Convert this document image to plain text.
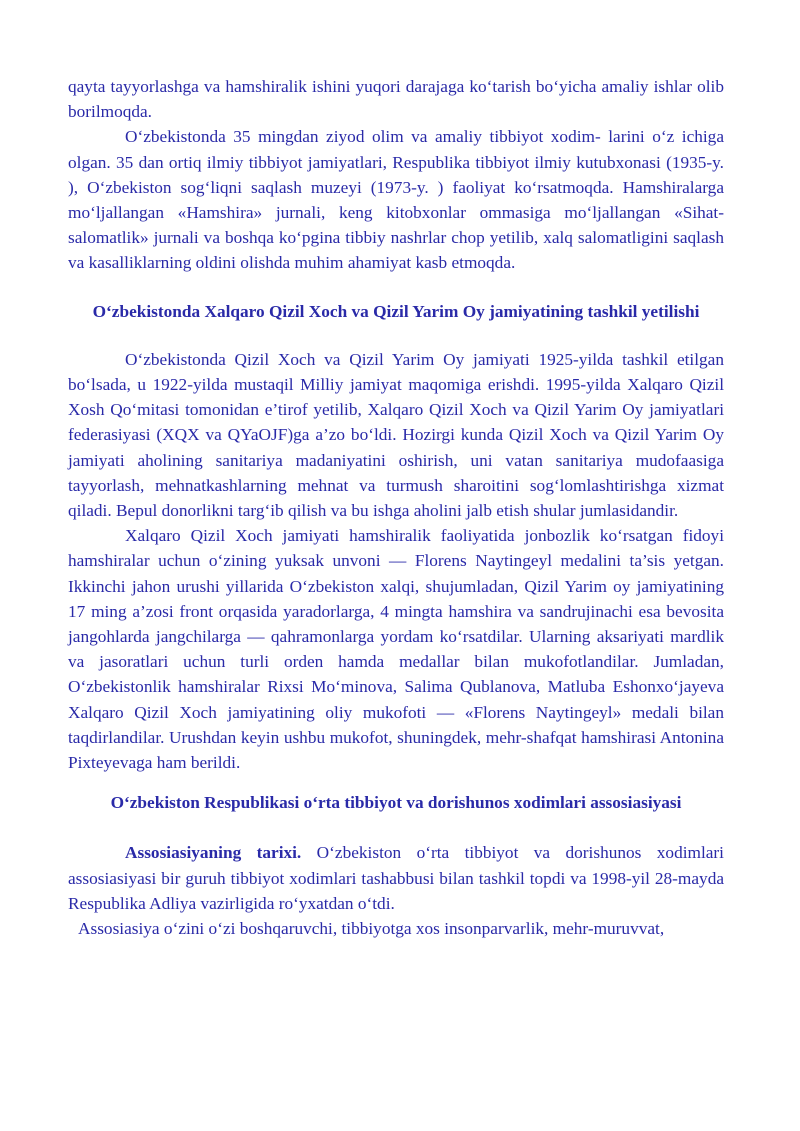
qayta tayyorlashga va hamshiralik ishini yuqori darajaga ko‘tarish bo‘yicha amaliy ishlar olib borilmoqda.

O‘zbekistonda 35 mingdan ziyod olim va amaliy tibbiyot xodim- larini o‘z ichiga olgan. 35 dan ortiq ilmiy tibbiyot jamiyatlari, Respublika tibbiyot ilmiy kutubxonasi (1935-y. ), O‘zbekiston sog‘liqni saqlash muzeyi (1973-y. ) faoliyat ko‘rsatmoqda. Hamshiralarga mo‘ljallangan «Hamshira» jurnali, keng kitobxonlar ommasiga mo‘ljallangan «Sihat- salomatlik» jurnali va boshqa ko‘pgina tibbiy nashrlar chop yetilib, xalq salomatligini saqlash va kasalliklarning oldini olishda muhim ahamiyat kasb etmoqda.

O‘zbekistonda Xalqaro Qizil Xoch va Qizil Yarim Oy jamiyatining tashkil yetilishi

O‘zbekistonda Qizil Xoch va Qizil Yarim Oy jamiyati 1925-yilda tashkil etilgan bo‘lsada, u 1922-yilda mustaqil Milliy jamiyat maqomiga erishdi. 1995-yilda Xalqaro Qizil Xosh Qo‘mitasi tomonidan e’tirof yetilib, Xalqaro Qizil Xoch va Qizil Yarim Oy jamiyatlari federasiyasi (XQX va QYaOJF)ga a’zo bo‘ldi. Hozirgi kunda Qizil Xoch va Qizil Yarim Oy jamiyati aholining sanitariya madaniyatini oshirish, uni vatan sanitariya mudofaasiga tayyorlash, mehnatkashlarning mehnat va turmush sharoitini sog‘lomlashtirishga xizmat qiladi. Bepul donorlikni targ‘ib qilish va bu ishga aholini jalb etish shular jumlasidandir.

Xalqaro Qizil Xoch jamiyati hamshiralik faoliyatida jonbozlik ko‘rsatgan fidoyi hamshiralar uchun o‘zining yuksak unvoni — Florens Naytingeyl medalini ta’sis yetgan. Ikkinchi jahon urushi yillarida O‘zbekiston xalqi, shujumladan, Qizil Yarim oy jamiyatining 17 ming a’zosi front orqasida yaradorlarga, 4 mingta hamshira va sandrujinachi esa bevosita jangohlarda jangchilarga — qahramonlarga yordam ko‘rsatdilar. Ularning aksariyati mardlik va jasoratlari uchun turli orden hamda medallar bilan mukofotlandilar. Jumladan, O‘zbekistonlik hamshiralar Rixsi Mo‘minova, Salima Qublanova, Matluba Eshonxo‘jayeva Xalqaro Qizil Xoch jamiyatining oliy mukofoti — «Florens Naytingeyl» medali bilan taqdirlandilar. Urushdan keyin ushbu mukofot, shuningdek, mehr-shafqat hamshirasi Antonina Pixteyevaga ham berildi.

O‘zbekiston Respublikasi o‘rta tibbiyot va dorishunos xodimlari assosiasiyasi

Assosiasiyaning tarixi. O‘zbekiston o‘rta tibbiyot va dorishunos xodimlari assosiasiyasi bir guruh tibbiyot xodimlari tashabbusi bilan tashkil topdi va 1998-yil 28-mayda Respublika Adliya vazirligida ro‘yxatdan o‘tdi.

Assosiasiya o‘zini o‘zi boshqaruvchi, tibbiyotga xos insonparvarlik, mehr-muruvvat,
